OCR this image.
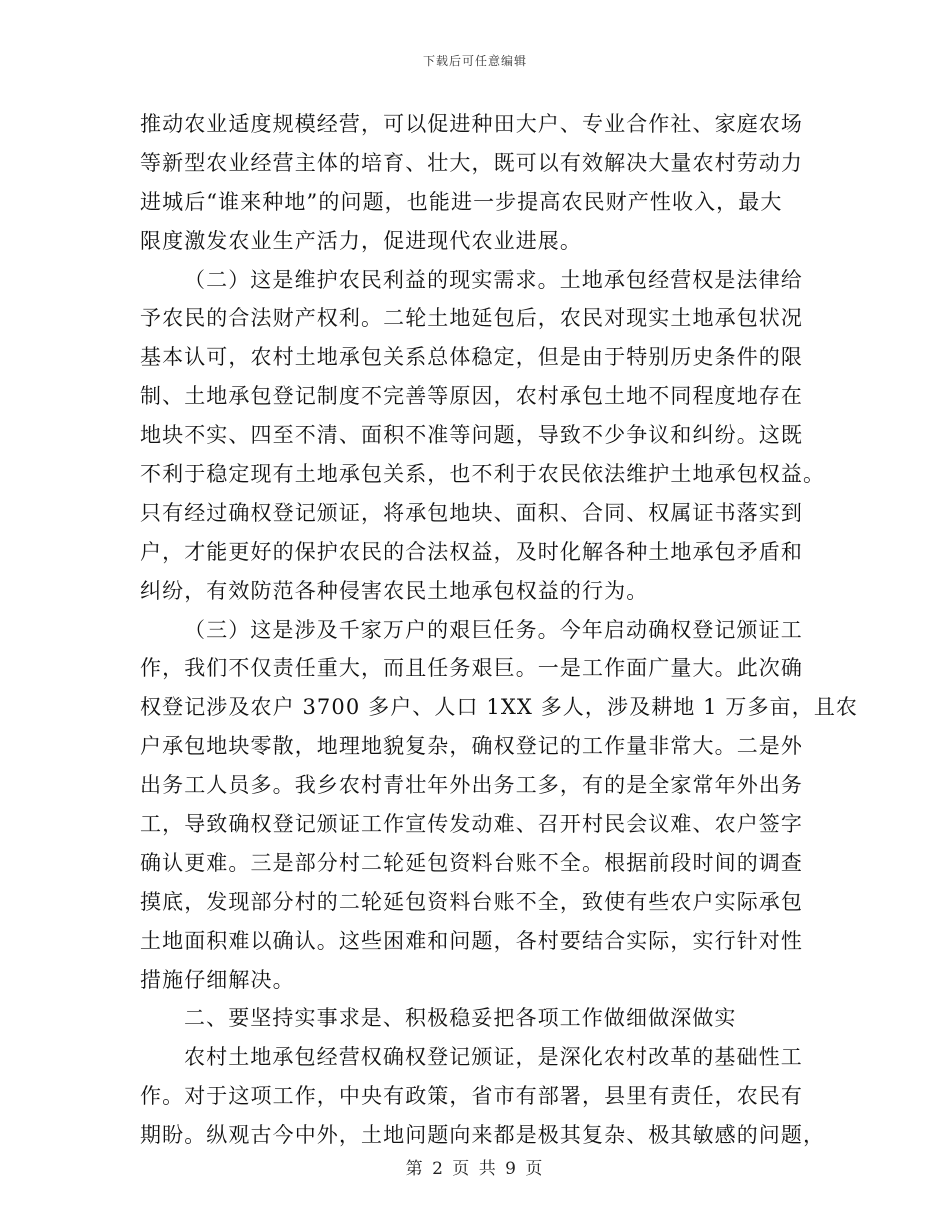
下载后可任意编辑
推动农业适度规模经营，可以促进种田大户、专业合作社、家庭农场
等新型农业经营主体的培育、壮大，既可以有效解决大量农村劳动力
进城后“谁来种地”的问题，也能进一步提高农民财产性收入，最大
限度激发农业生产活力，促进现代农业进展。
（二）这是维护农民利益的现实需求。土地承包经营权是法律给
予农民的合法财产权利。二轮土地延包后，农民对现实土地承包状况
基本认可，农村土地承包关系总体稳定，但是由于特别历史条件的限
制、土地承包登记制度不完善等原因，农村承包土地不同程度地存在
地块不实、四至不清、面积不准等问题，导致不少争议和纠纷。这既
不利于稳定现有土地承包关系，也不利于农民依法维护土地承包权益。
只有经过确权登记颁证，将承包地块、面积、合同、权属证书落实到
户，才能更好的保护农民的合法权益，及时化解各种土地承包矛盾和
纠纷，有效防范各种侵害农民土地承包权益的行为。
（三）这是涉及千家万户的艰巨任务。今年启动确权登记颁证工
作，我们不仅责任重大，而且任务艰巨。一是工作面广量大。此次确
权登记涉及农户 3700 多户、人口 1XX 多人，涉及耕地 1 万多亩，且农
户承包地块零散，地理地貌复杂，确权登记的工作量非常大。二是外
出务工人员多。我乡农村青壮年外出务工多，有的是全家常年外出务
工，导致确权登记颁证工作宣传发动难、召开村民会议难、农户签字
确认更难。三是部分村二轮延包资料台账不全。根据前段时间的调查
摸底，发现部分村的二轮延包资料台账不全，致使有些农户实际承包
土地面积难以确认。这些困难和问题，各村要结合实际，实行针对性
措施仔细解决。
二、要坚持实事求是、积极稳妥把各项工作做细做深做实
农村土地承包经营权确权登记颁证，是深化农村改革的基础性工
作。对于这项工作，中央有政策，省市有部署，县里有责任，农民有
期盼。纵观古今中外，土地问题向来都是极其复杂、极其敏感的问题，
第 2 页 共 9 页
